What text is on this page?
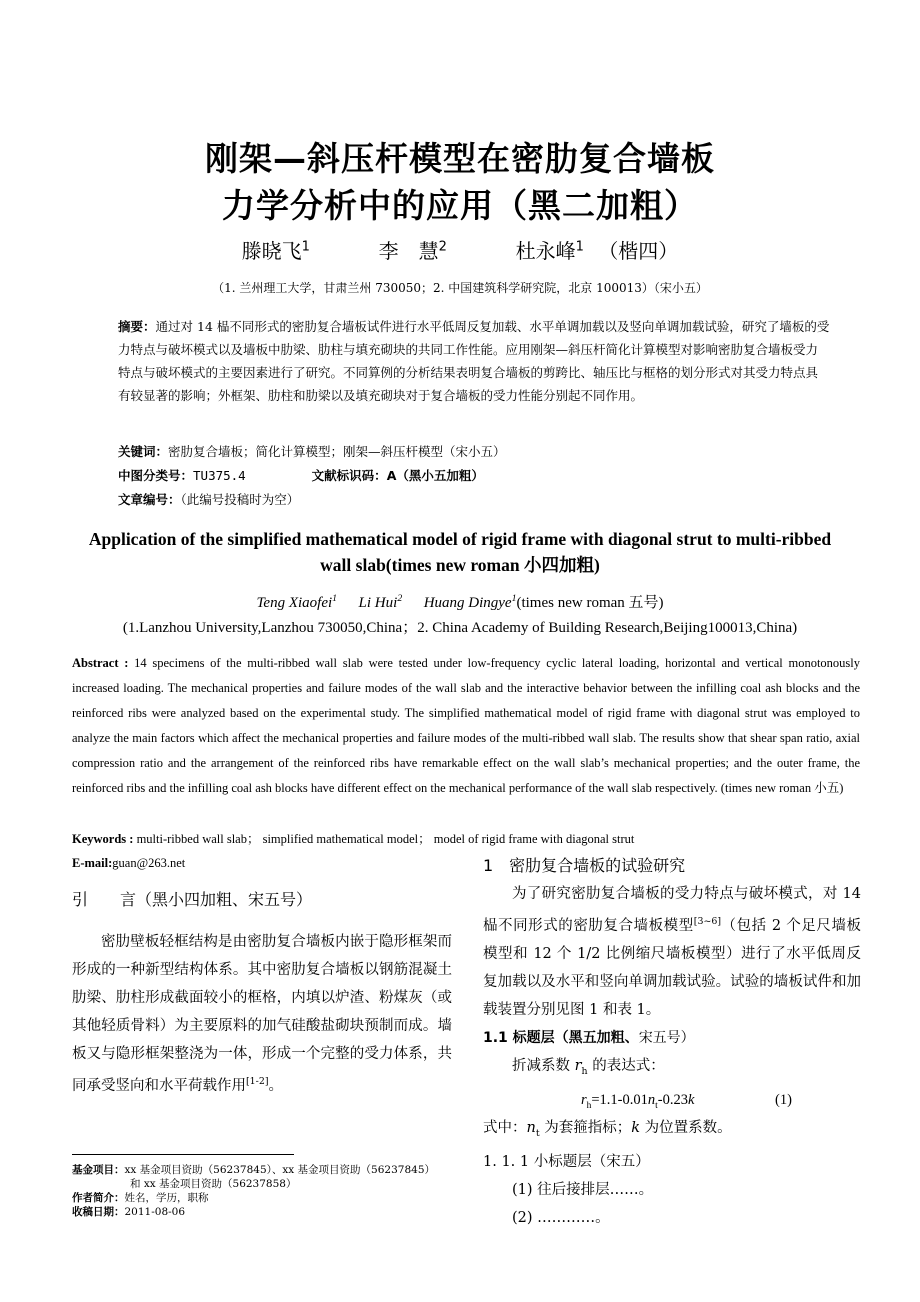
刚架—斜压杆模型在密肋复合墙板
力学分析中的应用（黑二加粗）
滕晓飞$^1$	李　慧$^2$	杜永峰$^1$ （楷四）
（1. 兰州理工大学，甘肃兰州 730050；2. 中国建筑科学研究院，北京 100013）（宋小五）
摘要：通过对 14 榀不同形式的密肋复合墙板试件进行水平低周反复加载、水平单调加载以及竖向单调加载试验，研究了墙板的受力特点与破坏模式以及墙板中肋梁、肋柱与填充砌块的共同工作性能。应用刚架—斜压杆简化计算模型对影响密肋复合墙板受力特点与破坏模式的主要因素进行了研究。不同算例的分析结果表明复合墙板的剪跨比、轴压比与框格的划分形式对其受力特点具有较显著的影响；外框架、肋柱和肋梁以及填充砌块对于复合墙板的受力性能分别起不同作用。
关键词：密肋复合墙板；简化计算模型；刚架—斜压杆模型（宋小五）
中图分类号：TU375.4	文献标识码：A（黑小五加粗）
文章编号：（此编号投稿时为空）
Application of the simplified mathematical model of rigid frame with diagonal strut to multi-ribbed
wall slab(times new roman 小四加粗)
Teng Xiaofei$^1$ Li Hui$^2$ Huang Dingye$^1$(times new roman 五号)
(1.Lanzhou University,Lanzhou 730050,China；2. China Academy of Building Research,Beijing100013,China)
Abstract : 14 specimens of the multi-ribbed wall slab were tested under low-frequency cyclic lateral loading, horizontal and vertical monotonously increased loading. The mechanical properties and failure modes of the wall slab and the interactive behavior between the infilling coal ash blocks and the reinforced ribs were analyzed based on the experimental study. The simplified mathematical model of rigid frame with diagonal strut was employed to analyze the main factors which affect the mechanical properties and failure modes of the multi-ribbed wall slab. The results show that shear span ratio, axial compression ratio and the arrangement of the reinforced ribs have remarkable effect on the wall slab’s mechanical properties; and the outer frame, the reinforced ribs and the infilling coal ash blocks have different effect on the mechanical performance of the wall slab respectively. (times new roman 小五)
Keywords : multi-ribbed wall slab； simplified mathematical model； model of rigid frame with diagonal strut
E-mail:guan@263.net
引　　言（黑小四加粗、宋五号）

密肋壁板轻框结构是由密肋复合墙板内嵌于隐形框架而形成的一种新型结构体系。其中密肋复合墙板以钢筋混凝土肋梁、肋柱形成截面较小的框格，内填以炉渣、粉煤灰（或其他轻质骨料）为主要原料的加气硅酸盐砌块预制而成。墙板又与隐形框架整浇为一体，形成一个完整的受力体系，共同承受竖向和水平荷载作用[1-2]。

基金项目：xx 基金项目资助（56237845）、xx 基金项目资助（56237845）
和 xx 基金项目资助（56237858）
作者简介：姓名，学历，职称
收稿日期：2011-08-06
1　密肋复合墙板的试验研究

为了研究密肋复合墙板的受力特点与破坏模式，对 14 榀不同形式的密肋复合墙板模型[3~6]（包括 2 个足尺墙板模型和 12 个 1/2 比例缩尺墙板模型）进行了水平低周反复加载以及水平和竖向单调加载试验。试验的墙板试件和加载装置分别见图 1 和表 1。

1.1 标题层（黑五加粗、宋五号）

折减系数 $r_h$ 的表达式：

$r_h=1.1-0.01n_t-0.23k$	(1)

式中：$n_t$ 为套箍指标；k 为位置系数。

1. 1. 1 小标题层（宋五）

(1) 往后接排层……。

(2) …………。
